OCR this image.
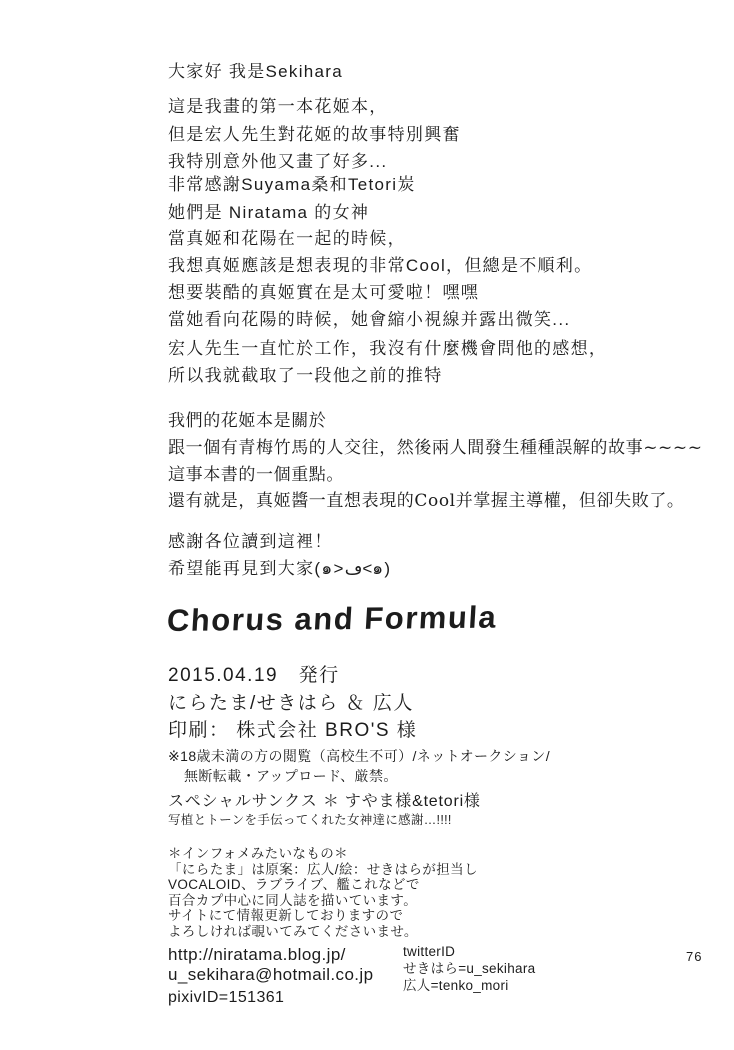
大家好 我是Sekihara
這是我畫的第一本花姬本，
但是宏人先生對花姬的故事特別興奮
我特別意外他又畫了好多...
非常感謝Suyama桑和Tetori炭
她們是 Niratama 的女神
當真姬和花陽在一起的時候，
我想真姬應該是想表現的非常Cool，但總是不順利。
想要裝酷的真姬實在是太可愛啦！嘿嘿
當她看向花陽的時候，她會縮小視線并露出微笑...
宏人先生一直忙於工作，我沒有什麼機會問他的感想，
所以我就截取了一段他之前的推特
我們的花姬本是關於
跟一個有青梅竹馬的人交往，然後兩人間發生種種誤解的故事~~~~
這事本書的一個重點。
還有就是，真姬醬一直想表現的Cool并掌握主導權，但卻失敗了。
感謝各位讀到這裡！
希望能再見到大家(๑>ڡ<๑)
Chorus and Formula
2015.04.19　発行
にらたま/せきはら ＆ 広人
印刷： 株式会社 BRO'S 様
※18歳未満の方の閲覧（高校生不可）/ネットオークション/
無断転載・アップロード、厳禁。
スペシャルサンクス ＊ すやま様&tetori様
写植とトーンを手伝ってくれた女神達に感謝…!!!!
＊インフォメみたいなもの＊
「にらたま」は原案：広人/絵：せきはらが担当し
VOCALOID、ラブライブ、艦これなどで
百合カプ中心に同人誌を描いています。
サイトにて情報更新しておりますので
よろしければ覗いてみてくださいませ。
http://niratama.blog.jp/
u_sekihara@hotmail.co.jp
pixivID=151361
twitterID
せきはら=u_sekihara
広人=tenko_mori
76
